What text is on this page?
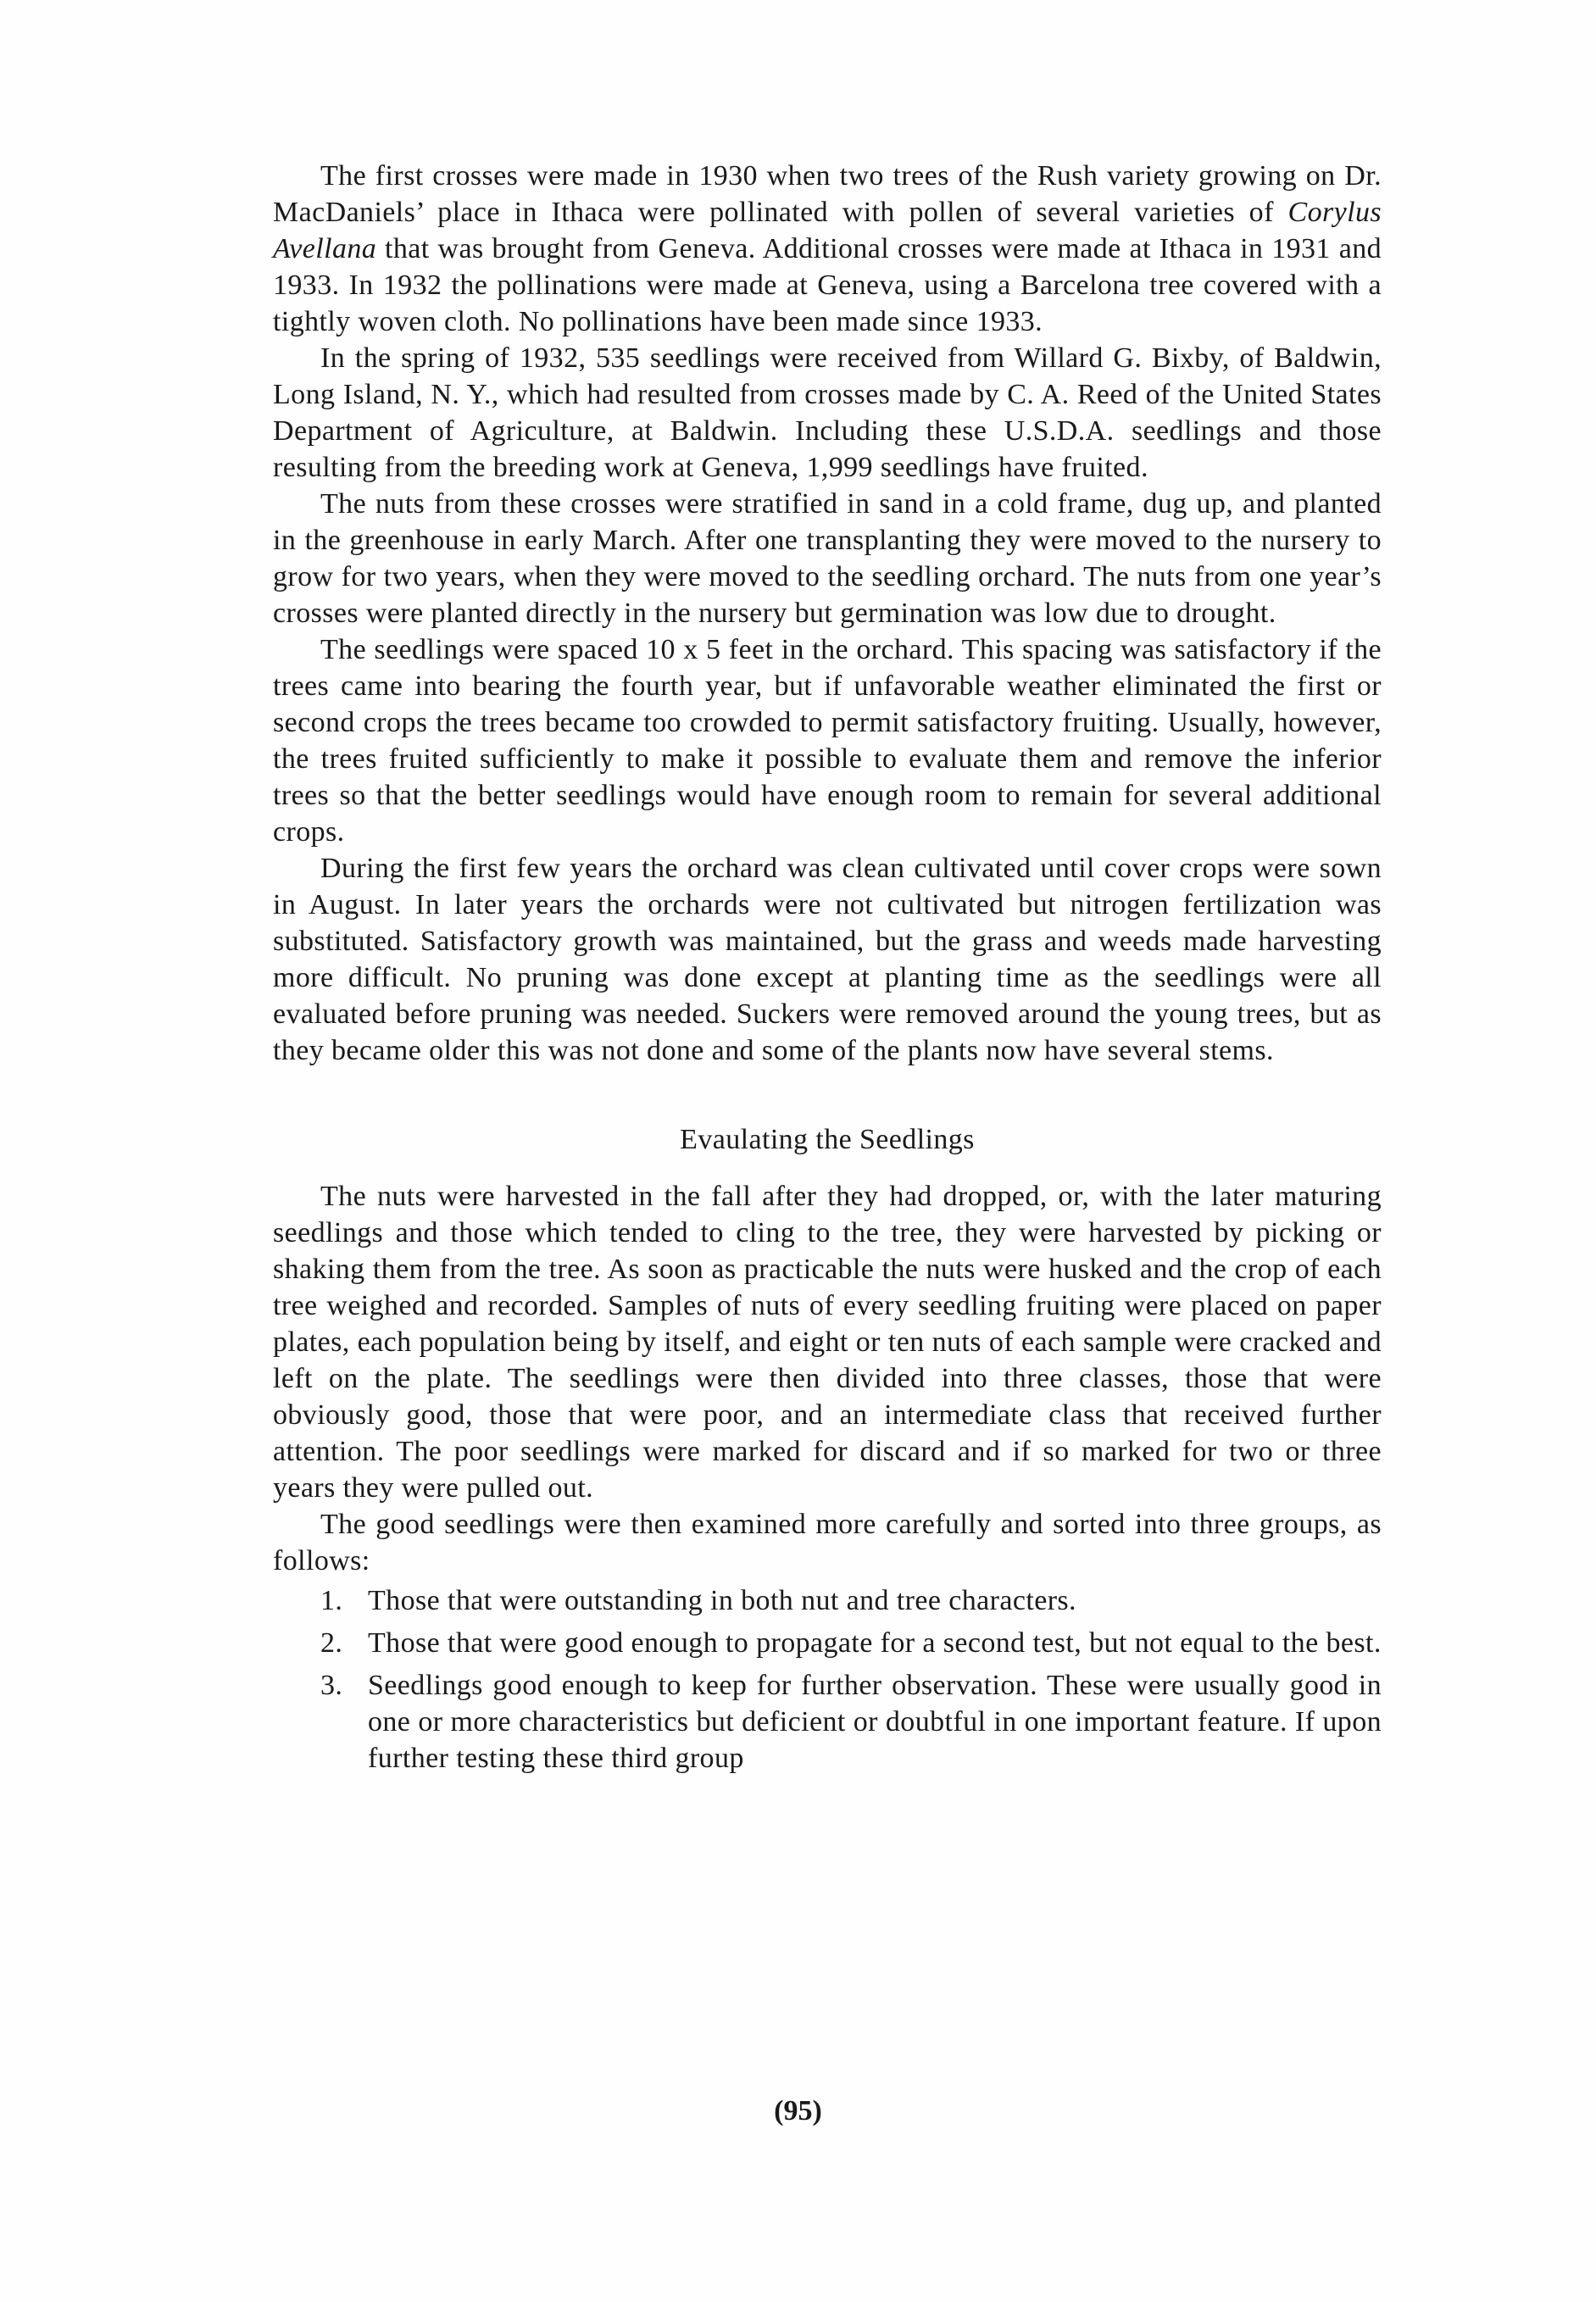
The first crosses were made in 1930 when two trees of the Rush variety growing on Dr. MacDaniels’ place in Ithaca were pollinated with pollen of several varieties of Corylus Avellana that was brought from Geneva. Additional crosses were made at Ithaca in 1931 and 1933. In 1932 the pollinations were made at Geneva, using a Barcelona tree covered with a tightly woven cloth. No pollinations have been made since 1933.
In the spring of 1932, 535 seedlings were received from Willard G. Bixby, of Baldwin, Long Island, N. Y., which had resulted from crosses made by C. A. Reed of the United States Department of Agriculture, at Baldwin. Including these U.S.D.A. seedlings and those resulting from the breeding work at Geneva, 1,999 seedlings have fruited.
The nuts from these crosses were stratified in sand in a cold frame, dug up, and planted in the greenhouse in early March. After one transplanting they were moved to the nursery to grow for two years, when they were moved to the seedling orchard. The nuts from one year’s crosses were planted directly in the nursery but germination was low due to drought.
The seedlings were spaced 10 x 5 feet in the orchard. This spacing was satisfactory if the trees came into bearing the fourth year, but if unfavorable weather eliminated the first or second crops the trees became too crowded to permit satisfactory fruiting. Usually, however, the trees fruited sufficiently to make it possible to evaluate them and remove the inferior trees so that the better seedlings would have enough room to remain for several additional crops.
During the first few years the orchard was clean cultivated until cover crops were sown in August. In later years the orchards were not cultivated but nitrogen fertilization was substituted. Satisfactory growth was maintained, but the grass and weeds made harvesting more difficult. No pruning was done except at planting time as the seedlings were all evaluated before pruning was needed. Suckers were removed around the young trees, but as they became older this was not done and some of the plants now have several stems.
Evaulating the Seedlings
The nuts were harvested in the fall after they had dropped, or, with the later maturing seedlings and those which tended to cling to the tree, they were harvested by picking or shaking them from the tree. As soon as practicable the nuts were husked and the crop of each tree weighed and recorded. Samples of nuts of every seedling fruiting were placed on paper plates, each population being by itself, and eight or ten nuts of each sample were cracked and left on the plate. The seedlings were then divided into three classes, those that were obviously good, those that were poor, and an intermediate class that received further attention. The poor seedlings were marked for discard and if so marked for two or three years they were pulled out.
The good seedlings were then examined more carefully and sorted into three groups, as follows:
1. Those that were outstanding in both nut and tree characters.
2. Those that were good enough to propagate for a second test, but not equal to the best.
3. Seedlings good enough to keep for further observation. These were usually good in one or more characteristics but deficient or doubtful in one important feature. If upon further testing these third group
(95)
